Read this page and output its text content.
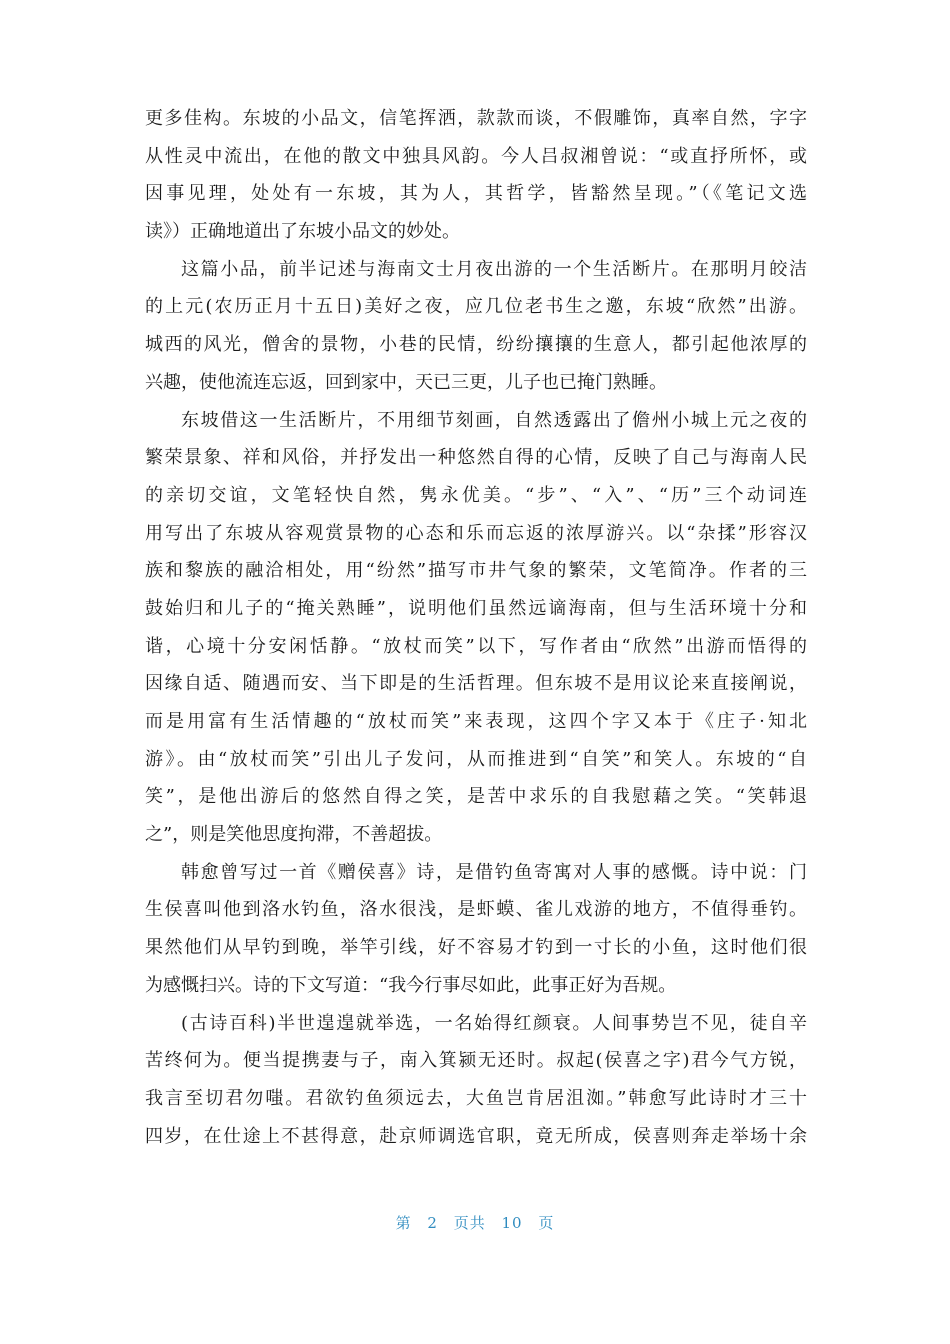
更多佳构。东坡的小品文，信笔挥洒，款款而谈，不假雕饰，真率自然，字字
从性灵中流出，在他的散文中独具风韵。今人吕叔湘曾说：“或直抒所怀，或
因事见理，处处有一东坡，其为人，其哲学，皆豁然呈现。”（《笔记文选
读》）正确地道出了东坡小品文的妙处。
这篇小品，前半记述与海南文士月夜出游的一个生活断片。在那明月皎洁
的上元(农历正月十五日)美好之夜，应几位老书生之邀，东坡“欣然”出游。
城西的风光，僧舍的景物，小巷的民情，纷纷攘攘的生意人，都引起他浓厚的
兴趣，使他流连忘返，回到家中，天已三更，儿子也已掩门熟睡。
东坡借这一生活断片，不用细节刻画，自然透露出了儋州小城上元之夜的
繁荣景象、祥和风俗，并抒发出一种悠然自得的心情，反映了自己与海南人民
的亲切交谊，文笔轻快自然，隽永优美。“步”、“入”、“历”三个动词连
用写出了东坡从容观赏景物的心态和乐而忘返的浓厚游兴。以“杂揉”形容汉
族和黎族的融洽相处，用“纷然”描写市井气象的繁荣，文笔简净。作者的三
鼓始归和儿子的“掩关熟睡”，说明他们虽然远谪海南，但与生活环境十分和
谐，心境十分安闲恬静。“放杖而笑”以下，写作者由“欣然”出游而悟得的
因缘自适、随遇而安、当下即是的生活哲理。但东坡不是用议论来直接阐说，
而是用富有生活情趣的“放杖而笑”来表现，这四个字又本于《庄子·知北
游》。由“放杖而笑”引出儿子发问，从而推进到“自笑”和笑人。东坡的“自
笑”，是他出游后的悠然自得之笑，是苦中求乐的自我慰藉之笑。“笑韩退
之”，则是笑他思度拘滞，不善超拔。
韩愈曾写过一首《赠侯喜》诗，是借钓鱼寄寓对人事的感慨。诗中说：门
生侯喜叫他到洛水钓鱼，洛水很浅，是虾蟆、雀儿戏游的地方，不值得垂钓。
果然他们从早钓到晚，举竿引线，好不容易才钓到一寸长的小鱼，这时他们很
为感慨扫兴。诗的下文写道：“我今行事尽如此，此事正好为吾规。
(古诗百科)半世遑遑就举选，一名始得红颜衰。人间事势岂不见，徒自辛
苦终何为。便当提携妻与子，南入箕颍无还时。叔起(侯喜之字)君今气方锐，
我言至切君勿嗤。君欲钓鱼须远去，大鱼岂肯居沮洳。”韩愈写此诗时才三十
四岁，在仕途上不甚得意，赴京师调选官职，竟无所成，侯喜则奔走举场十余
第 2 页共 10 页
